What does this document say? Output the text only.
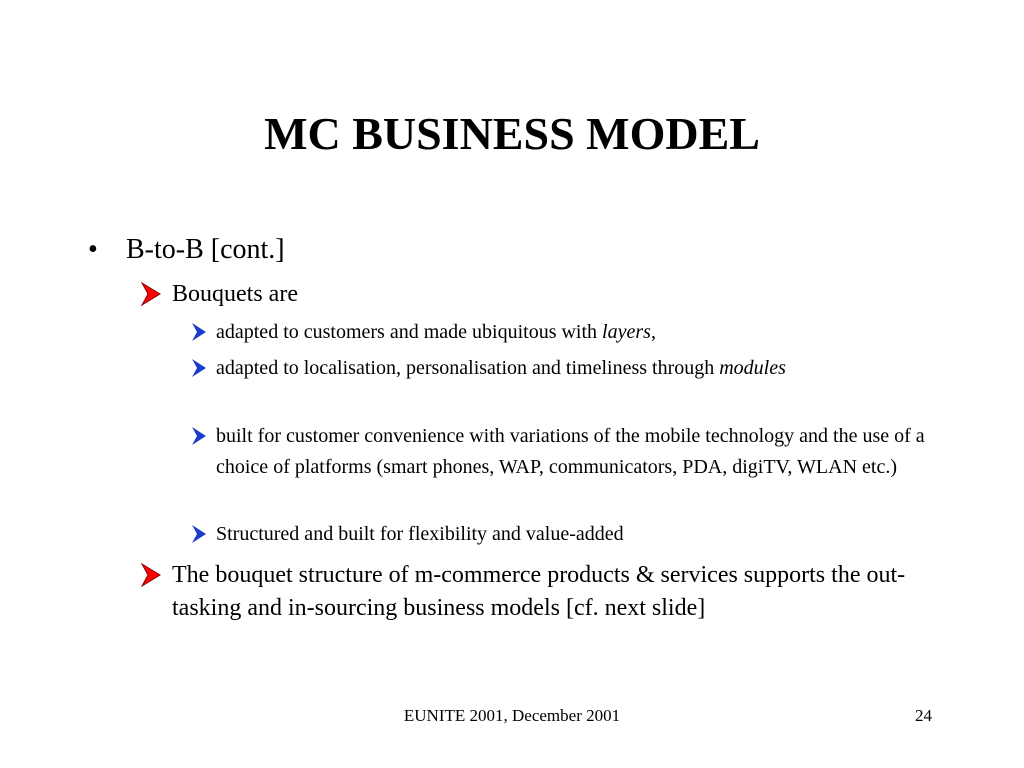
MC BUSINESS MODEL
• B-to-B [cont.]
Bouquets are
adapted to customers and made ubiquitous with layers,
adapted to localisation, personalisation and timeliness through modules
built for customer convenience with variations of the mobile technology and the use of a choice of platforms (smart phones, WAP, communicators, PDA, digiTV, WLAN etc.)
Structured and built for flexibility and value-added
The bouquet structure of m-commerce products & services supports the out-tasking and in-sourcing business models [cf. next slide]
EUNITE 2001, December 2001	24
